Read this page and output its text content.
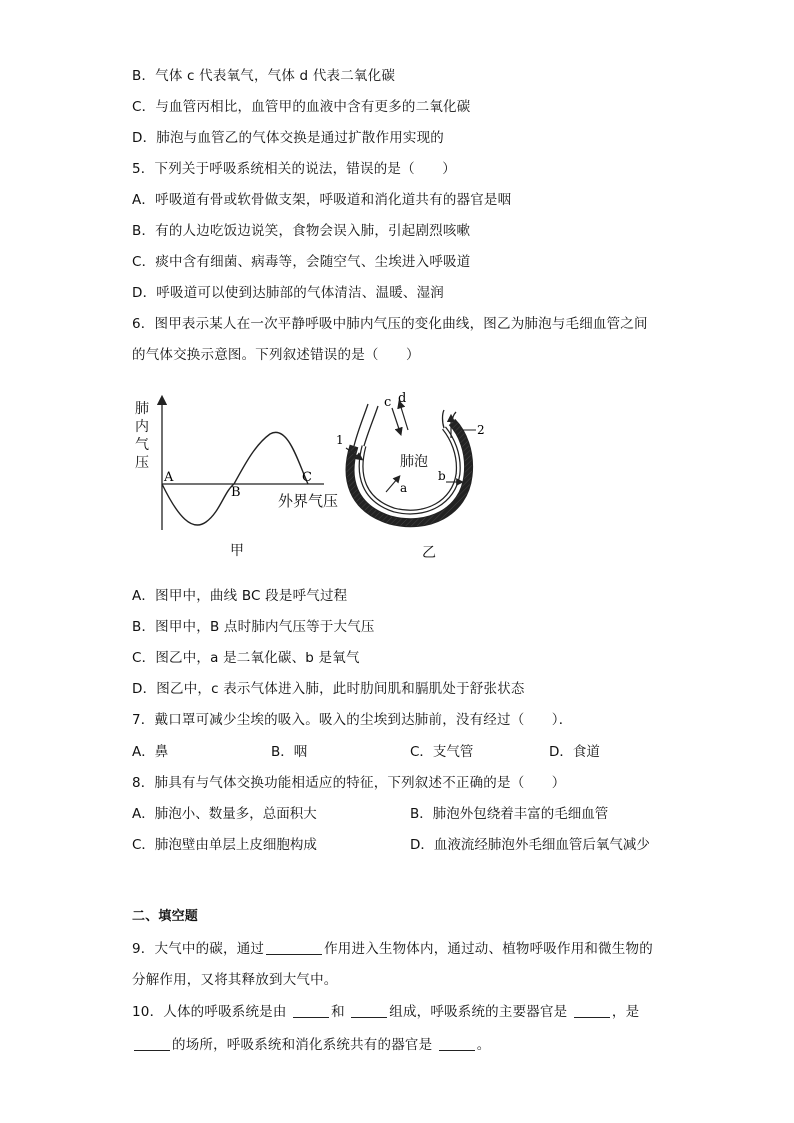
B．气体 c 代表氧气，气体 d 代表二氧化碳
C．与血管丙相比，血管甲的血液中含有更多的二氧化碳
D．肺泡与血管乙的气体交换是通过扩散作用实现的
5．下列关于呼吸系统相关的说法，错误的是（　　）
A．呼吸道有骨或软骨做支架，呼吸道和消化道共有的器官是咽
B．有的人边吃饭边说笑，食物会误入肺，引起剧烈咳嗽
C．痰中含有细菌、病毒等，会随空气、尘埃进入呼吸道
D．呼吸道可以使到达肺部的气体清洁、温暖、湿润
6．图甲表示某人在一次平静呼吸中肺内气压的变化曲线，图乙为肺泡与毛细血管之间
的气体交换示意图。下列叙述错误的是（　　）
A
B
C
肺
内
气
压
外界气压
甲
c d
1
2
a
b
肺泡
乙
A．图甲中，曲线 BC 段是呼气过程
B．图甲中，B 点时肺内气压等于大气压
C．图乙中，a 是二氧化碳、b 是氧气
D．图乙中，c 表示气体进入肺，此时肋间肌和膈肌处于舒张状态
7．戴口罩可减少尘埃的吸入。吸入的尘埃到达肺前，没有经过（　　）．
A．鼻	B．咽	C．支气管	D．食道
8．肺具有与气体交换功能相适应的特征，下列叙述不正确的是（　　）
A．肺泡小、数量多，总面积大	B．肺泡外包绕着丰富的毛细血管
C．肺泡壁由单层上皮细胞构成	D．血液流经肺泡外毛细血管后氧气减少
二、填空题
9．大气中的碳，通过	作用进入生物体内，通过动、植物呼吸作用和微生物的
分解作用，又将其释放到大气中。
10．人体的呼吸系统是由	和	组成，呼吸系统的主要器官是	，是
的场所，呼吸系统和消化系统共有的器官是	。
